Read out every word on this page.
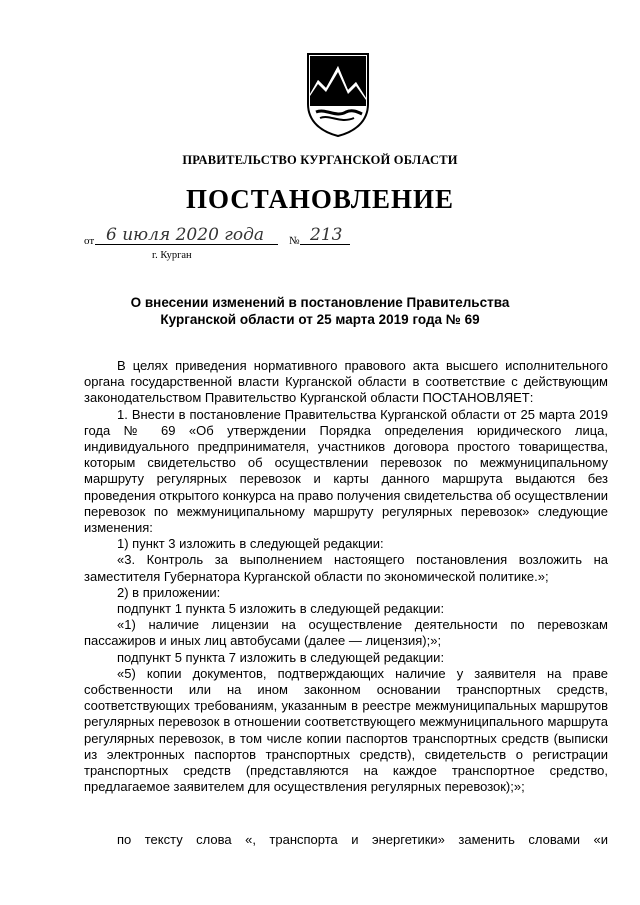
ПРАВИТЕЛЬСТВО КУРГАНСКОЙ ОБЛАСТИ
ПОСТАНОВЛЕНИЕ
от 6 июля 2020 года № 213
г. Курган
О внесении изменений в постановление Правительства
Курганской области от 25 марта 2019 года № 69

В целях приведения нормативного правового акта высшего исполнительного органа государственной власти Курганской области в соответствие с действующим законодательством Правительство Курганской области ПОСТАНОВЛЯЕТ:

1. Внести в постановление Правительства Курганской области от 25 марта 2019 года № 69 «Об утверждении Порядка определения юридического лица, индивидуального предпринимателя, участников договора простого товарищества, которым свидетельство об осуществлении перевозок по межмуниципальному маршруту регулярных перевозок и карты данного маршрута выдаются без проведения открытого конкурса на право получения свидетельства об осуществлении перевозок по межмуниципальному маршруту регулярных перевозок» следующие изменения:

1) пункт 3 изложить в следующей редакции:

«3. Контроль за выполнением настоящего постановления возложить на заместителя Губернатора Курганской области по экономической политике.»;

2) в приложении:

подпункт 1 пункта 5 изложить в следующей редакции:

«1) наличие лицензии на осуществление деятельности по перевозкам пассажиров и иных лиц автобусами (далее — лицензия);»;

подпункт 5 пункта 7 изложить в следующей редакции:

«5) копии документов, подтверждающих наличие у заявителя на праве собственности или на ином законном основании транспортных средств, соответствующих требованиям, указанным в реестре межмуниципальных маршрутов регулярных перевозок в отношении соответствующего межмуниципального маршрута регулярных перевозок, в том числе копии паспортов транспортных средств (выписки из электронных паспортов транспортных средств), свидетельств о регистрации транспортных средств (представляются на каждое транспортное средство, предлагаемое заявителем для осуществления регулярных перевозок);»;

по тексту слова «, транспорта и энергетики» заменить словами «и
